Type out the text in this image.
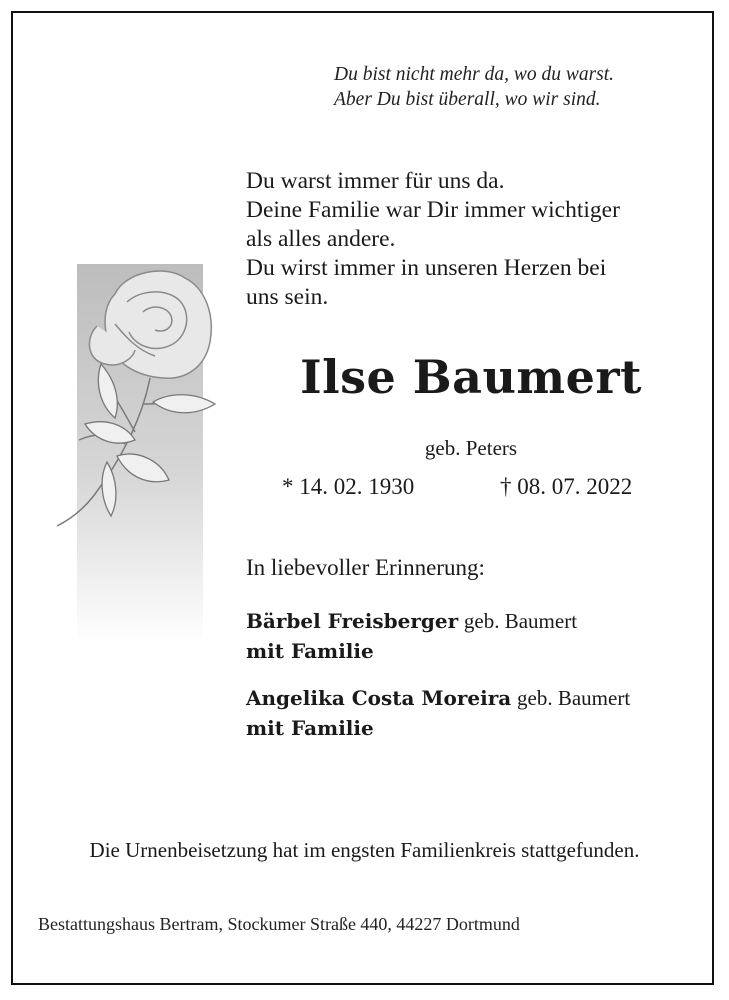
Du bist nicht mehr da, wo du warst.
Aber Du bist überall, wo wir sind.
Du warst immer für uns da.
Deine Familie war Dir immer wichtiger
als alles andere.
Du wirst immer in unseren Herzen bei
uns sein.
Ilse Baumert
geb. Peters
* 14. 02. 1930	† 08. 07. 2022
In liebevoller Erinnerung:
Bärbel Freisberger geb. Baumert
mit Familie
Angelika Costa Moreira geb. Baumert
mit Familie
Die Urnenbeisetzung hat im engsten Familienkreis stattgefunden.
Bestattungshaus Bertram, Stockumer Straße 440, 44227 Dortmund
